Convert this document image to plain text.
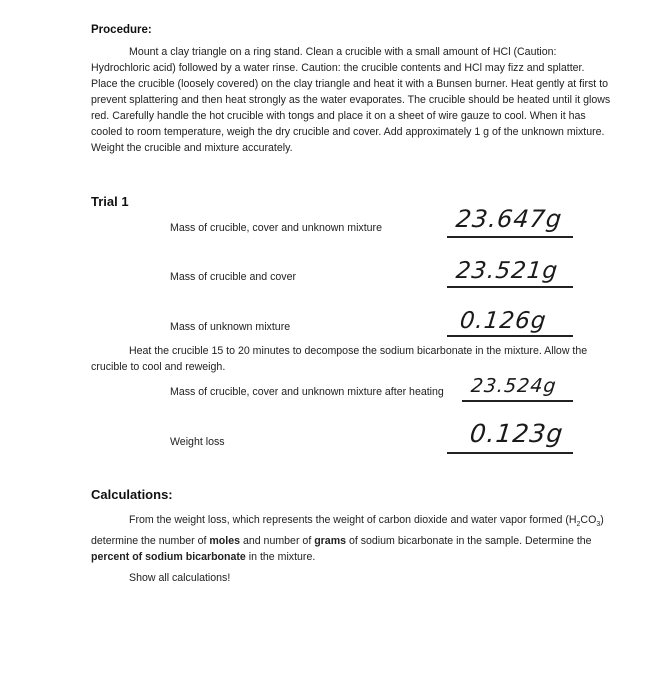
Procedure:
Mount a clay triangle on a ring stand. Clean a crucible with a small amount of HCl (Caution: Hydrochloric acid) followed by a water rinse. Caution: the crucible contents and HCl may fizz and splatter. Place the crucible (loosely covered) on the clay triangle and heat it with a Bunsen burner. Heat gently at first to prevent splattering and then heat strongly as the water evaporates. The crucible should be heated until it glows red. Carefully handle the hot crucible with tongs and place it on a sheet of wire gauze to cool. When it has cooled to room temperature, weigh the dry crucible and cover. Add approximately 1 g of the unknown mixture. Weight the crucible and mixture accurately.
Trial 1
Mass of crucible, cover and unknown mixture	23.647g
Mass of crucible and cover	23.521g
Mass of unknown mixture	0.126g
Heat the crucible 15 to 20 minutes to decompose the sodium bicarbonate in the mixture. Allow the crucible to cool and reweigh.
Mass of crucible, cover and unknown mixture after heating 23.524g
Weight loss	0.123g
Calculations:
From the weight loss, which represents the weight of carbon dioxide and water vapor formed $(H_2CO_3)$ determine the number of moles and number of grams of sodium bicarbonate in the sample. Determine the percent of sodium bicarbonate in the mixture.
Show all calculations!
